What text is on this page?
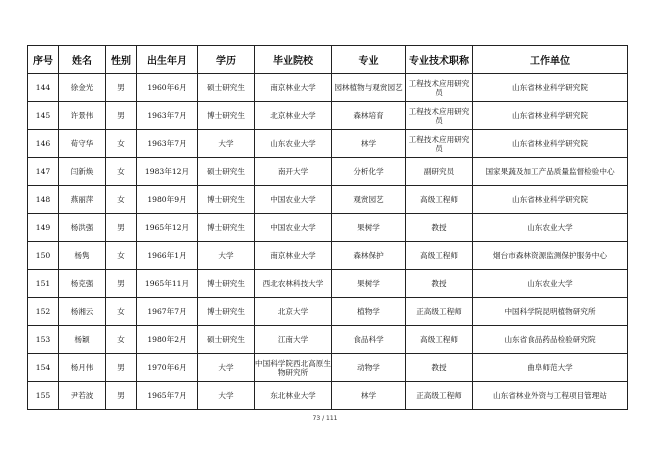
序号	姓名	性别	出生年月	学历	毕业院校	专业	专业技术职称	工作单位
144	徐金光	男	1960年6月	硕士研究生	南京林业大学	园林植物与观赏园艺	工程技术应用研究员	山东省林业科学研究院
145	许景伟	男	1963年7月	博士研究生	北京林业大学	森林培育	工程技术应用研究员	山东省林业科学研究院
146	荀守华	女	1963年7月	大学	山东农业大学	林学	工程技术应用研究员	山东省林业科学研究院
147	闫新焕	女	1983年12月	硕士研究生	南开大学	分析化学	副研究员	国家果蔬及加工产品质量监督检验中心
148	燕丽萍	女	1980年9月	博士研究生	中国农业大学	观赏园艺	高级工程师	山东省林业科学研究院
149	杨洪强	男	1965年12月	博士研究生	中国农业大学	果树学	教授	山东农业大学
150	杨隽	女	1966年1月	大学	南京林业大学	森林保护	高级工程师	烟台市森林资源监测保护服务中心
151	杨克强	男	1965年11月	博士研究生	西北农林科技大学	果树学	教授	山东农业大学
152	杨湘云	女	1967年7月	博士研究生	北京大学	植物学	正高级工程师	中国科学院昆明植物研究所
153	杨颖	女	1980年2月	硕士研究生	江南大学	食品科学	高级工程师	山东省食品药品检验研究院
154	杨月伟	男	1970年6月	大学	中国科学院西北高原生物研究所	动物学	教授	曲阜师范大学
155	尹若波	男	1965年7月	大学	东北林业大学	林学	正高级工程师	山东省林业外资与工程项目管理站
73 / 111
